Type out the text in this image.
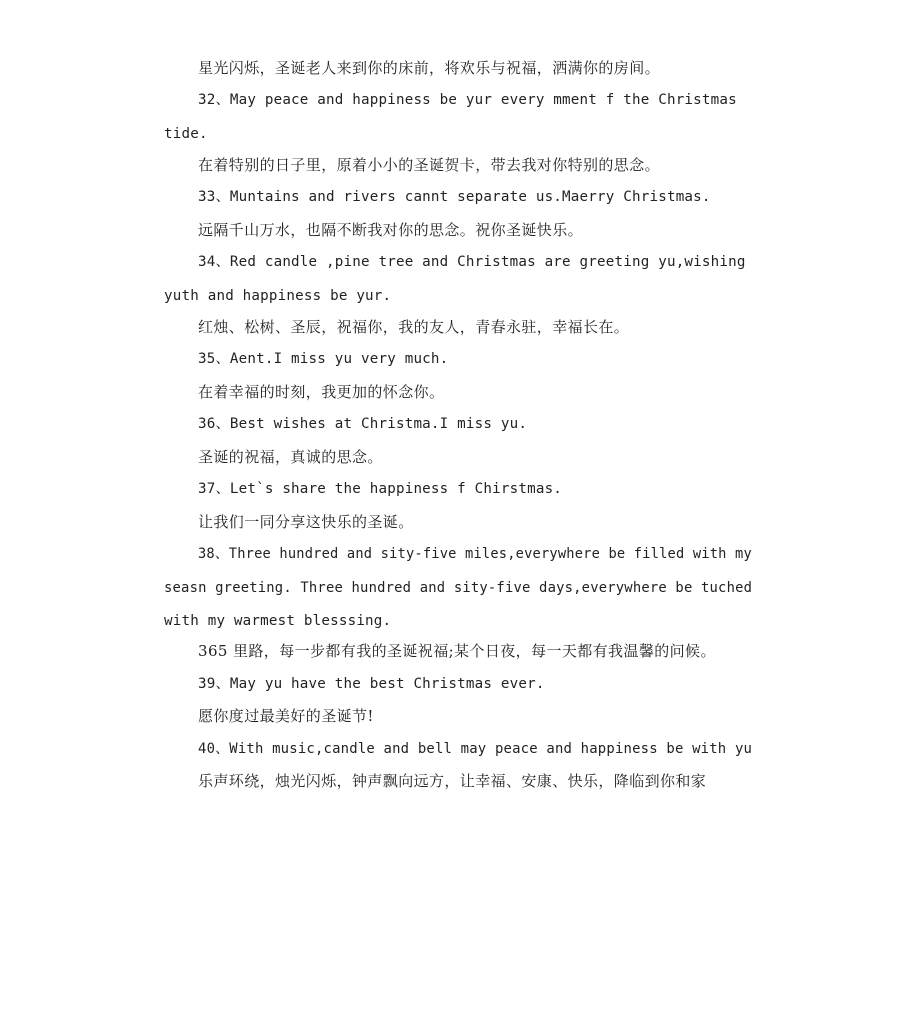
星光闪烁，圣诞老人来到你的床前，将欢乐与祝福，洒满你的房间。
32、May peace and happiness be yur every mment f the Christmas
tide.
在着特别的日子里，原着小小的圣诞贺卡，带去我对你特别的思念。
33、Muntains and rivers cannt separate us.Maerry Christmas.
远隔千山万水，也隔不断我对你的思念。祝你圣诞快乐。
34、Red candle ,pine tree and Christmas are greeting yu,wishing
yuth and happiness be yur.
红烛、松树、圣辰，祝福你，我的友人，青春永驻，幸福长在。
35、Aent.I miss yu very much.
在着幸福的时刻，我更加的怀念你。
36、Best wishes at Christma.I miss yu.
圣诞的祝福，真诚的思念。
37、Let`s share the happiness f Chirstmas.
让我们一同分享这快乐的圣诞。
38、Three hundred and sity-five miles,everywhere be filled with my
seasn greeting. Three hundred and sity-five days,everywhere be tuched
with my warmest blesssing.
365 里路，每一步都有我的圣诞祝福;某个日夜，每一天都有我温馨的问候。
39、May yu have the best Christmas ever.
愿你度过最美好的圣诞节!
40、With music,candle and bell may peace and happiness be with yu
乐声环绕，烛光闪烁，钟声飘向远方，让幸福、安康、快乐，降临到你和家
